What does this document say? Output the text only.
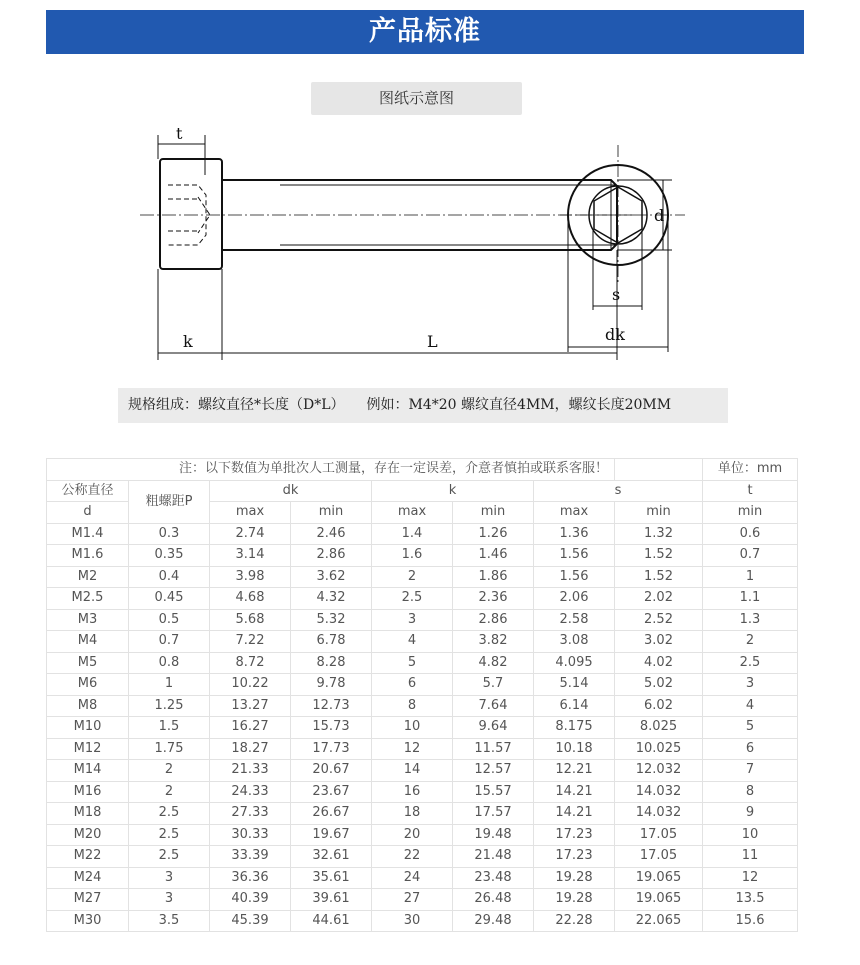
产品标准
图纸示意图
t
k	L
d
s
dk
规格组成：螺纹直径*长度（D*L） 例如：M4*20 螺纹直径4MM，螺纹长度20MM
注：以下数值为单批次人工测量，存在一定误差，介意者慎拍或联系客服！								单位：mm
公称直径	粗螺距P	dk		k		s		t
d		max	min	max	min	max	min	min
M1.4	0.3	2.74	2.46	1.4	1.26	1.36	1.32	0.6
M1.6	0.35	3.14	2.86	1.6	1.46	1.56	1.52	0.7
M2	0.4	3.98	3.62	2	1.86	1.56	1.52	1
M2.5	0.45	4.68	4.32	2.5	2.36	2.06	2.02	1.1
M3	0.5	5.68	5.32	3	2.86	2.58	2.52	1.3
M4	0.7	7.22	6.78	4	3.82	3.08	3.02	2
M5	0.8	8.72	8.28	5	4.82	4.095	4.02	2.5
M6	1	10.22	9.78	6	5.7	5.14	5.02	3
M8	1.25	13.27	12.73	8	7.64	6.14	6.02	4
M10	1.5	16.27	15.73	10	9.64	8.175	8.025	5
M12	1.75	18.27	17.73	12	11.57	10.18	10.025	6
M14	2	21.33	20.67	14	12.57	12.21	12.032	7
M16	2	24.33	23.67	16	15.57	14.21	14.032	8
M18	2.5	27.33	26.67	18	17.57	14.21	14.032	9
M20	2.5	30.33	19.67	20	19.48	17.23	17.05	10
M22	2.5	33.39	32.61	22	21.48	17.23	17.05	11
M24	3	36.36	35.61	24	23.48	19.28	19.065	12
M27	3	40.39	39.61	27	26.48	19.28	19.065	13.5
M30	3.5	45.39	44.61	30	29.48	22.28	22.065	15.6
